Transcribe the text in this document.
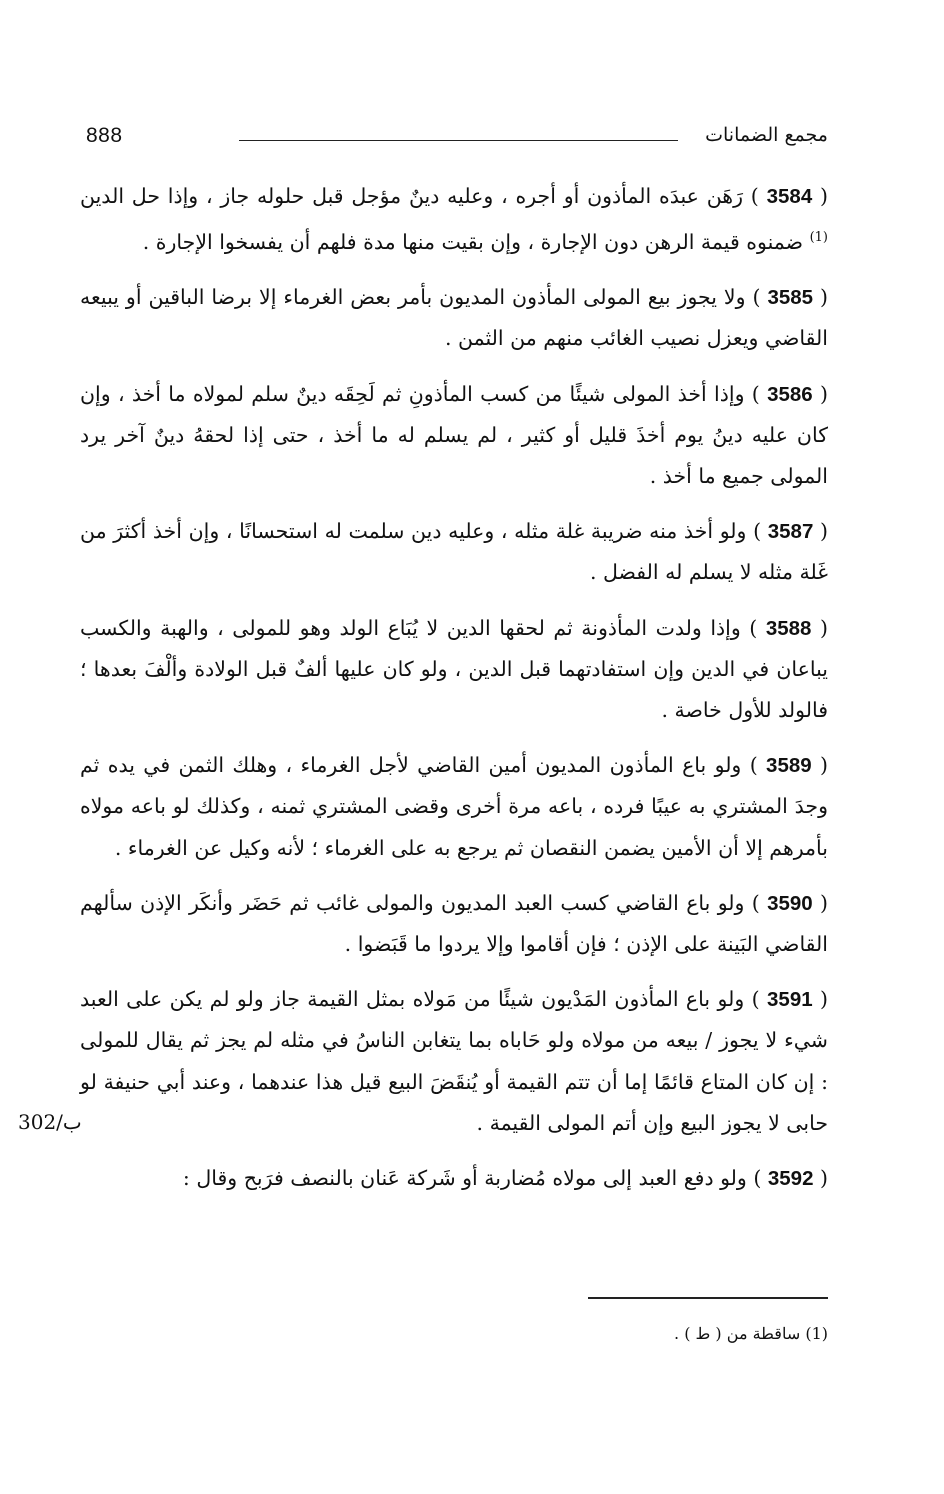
888	مجمع الضمانات

( 3584 ) رَهَن عبدَه المأذون أو أجره ، وعليه دينٌ مؤجل قبل حلوله جاز ، وإذا حل الدين $^{(1)}$ ضمنوه قيمة الرهن دون الإجارة ، وإن بقيت منها مدة فلهم أن يفسخوا الإجارة .

( 3585 ) ولا يجوز بيع المولى المأذون المديون بأمر بعض الغرماء إلا برضا الباقين أو يبيعه القاضي ويعزل نصيب الغائب منهم من الثمن .

( 3586 ) وإذا أخذ المولى شيئًا من كسب المأذونِ ثم لَحِقَه دينٌ سلم لمولاه ما أخذ ، وإن كان عليه دينُ يوم أخذَ قليل أو كثير ، لم يسلم له ما أخذ ، حتى إذا لحقهُ دينٌ آخر يرد المولى جميع ما أخذ .

( 3587 ) ولو أخذ منه ضريبة غلة مثله ، وعليه دين سلمت له استحسانًا ، وإن أخذ أكثرَ من غَلة مثله لا يسلم له الفضل .

( 3588 ) وإذا ولدت المأذونة ثم لحقها الدين لا يُبَاع الولد وهو للمولى ، والهبة والكسب يباعان في الدين وإن استفادتهما قبل الدين ، ولو كان عليها ألفٌ قبل الولادة وألْفَ بعدها ؛ فالولد للأول خاصة .

( 3589 ) ولو باع المأذون المديون أمين القاضي لأجل الغرماء ، وهلك الثمن في يده ثم وجدَ المشتري به عيبًا فرده ، باعه مرة أخرى وقضى المشتري ثمنه ، وكذلك لو باعه مولاه بأمرهم إلا أن الأمين يضمن النقصان ثم يرجع به على الغرماء ؛ لأنه وكيل عن الغرماء .

( 3590 ) ولو باع القاضي كسب العبد المديون والمولى غائب ثم حَضَر وأنكَر الإذن سألهم القاضي البَينة على الإذن ؛ فإن أقاموا وإلا يردوا ما قَبَضوا .

( 3591 ) ولو باع المأذون المَدْيون شيئًا من مَولاه بمثل القيمة جاز ولو لم يكن على العبد شيء لا يجوز / بيعه من مولاه ولو حَاباه بما يتغابن الناسُ في مثله لم يجز ثم يقال للمولى : إن كان المتاع قائمًا إما أن تتم القيمة أو يُنقَضَ البيع قيل هذا عندهما ، وعند أبي حنيفة لو حابى لا يجوز البيع وإن أتم المولى القيمة .

( 3592 ) ولو دفع العبد إلى مولاه مُضاربة أو شَركة عَنان بالنصف فرَبح وقال :

302/ب
(1) ساقطة من ( ط ) .
